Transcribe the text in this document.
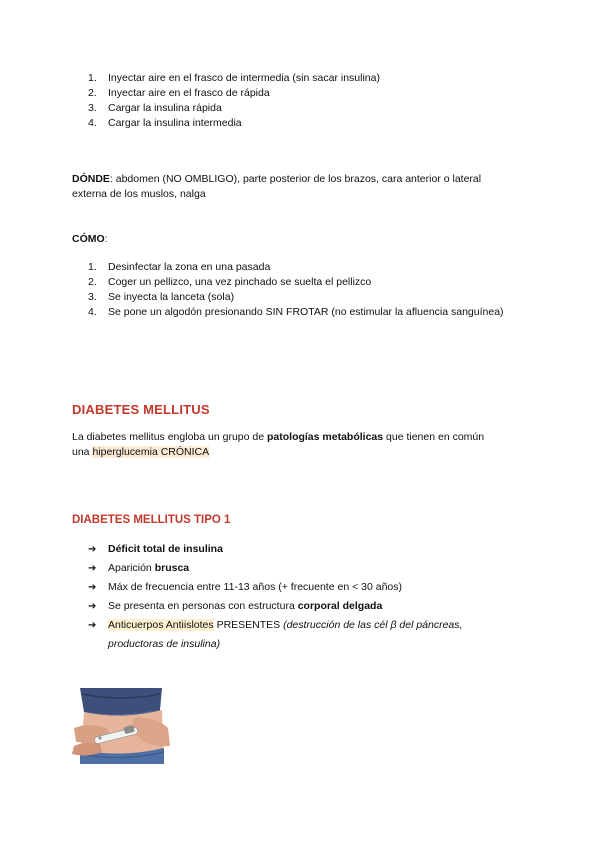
1. Inyectar aire en el frasco de intermedia (sin sacar insulina)
2. Inyectar aire en el frasco de rápida
3. Cargar la insulina rápida
4. Cargar la insulina intermedia
DÓNDE: abdomen (NO OMBLIGO), parte posterior de los brazos, cara anterior o lateral
externa de los muslos, nalga
CÓMO:
1. Desinfectar la zona en una pasada
2. Coger un pellizco, una vez pinchado se suelta el pellizco
3. Se inyecta la lanceta (sola)
4. Se pone un algodón presionando SIN FROTAR (no estimular la afluencia sanguínea)
DIABETES MELLITUS
La diabetes mellitus engloba un grupo de patologías metabólicas que tienen en común
una hiperglucemia CRÓNICA
DIABETES MELLITUS TIPO 1
➔ Déficit total de insulina
➔ Aparición brusca
➔ Máx de frecuencia entre 11-13 años (+ frecuente en < 30 años)
➔ Se presenta en personas con estructura corporal delgada
➔ Anticuerpos Antiislotes PRESENTES (destrucción de las cél β del páncreas, productoras de insulina)
